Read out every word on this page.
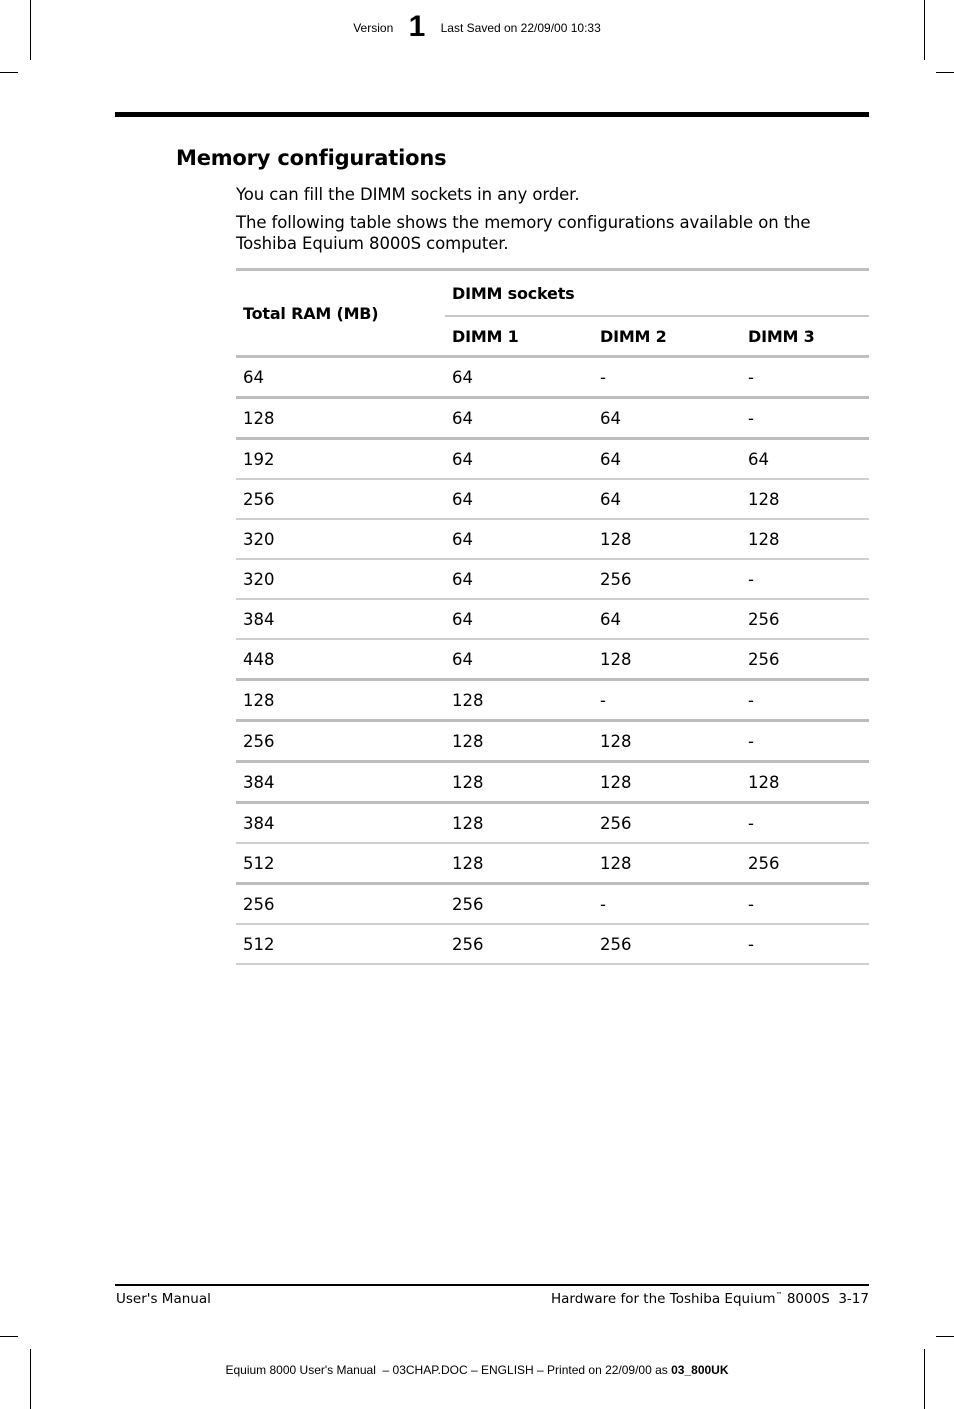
Version 1 Last Saved on 22/09/00 10:33
Memory configurations

You can fill the DIMM sockets in any order.

The following table shows the memory configurations available on the Toshiba Equium 8000S computer.

Total RAM (MB)	DIMM sockets		
	DIMM 1	DIMM 2	DIMM 3
64	64	-	-
128	64	64	-
192	64	64	64
256	64	64	128
320	64	128	128
320	64	256	-
384	64	64	256
448	64	128	256
128	128	-	-
256	128	128	-
384	128	128	128
384	128	256	-
512	128	128	256
256	256	-	-
512	256	256	-
User's Manual	Hardware for the Toshiba Equium™ 8000S  3-17
Equium 8000 User's Manual  – 03CHAP.DOC – ENGLISH – Printed on 22/09/00 as 03_800UK
